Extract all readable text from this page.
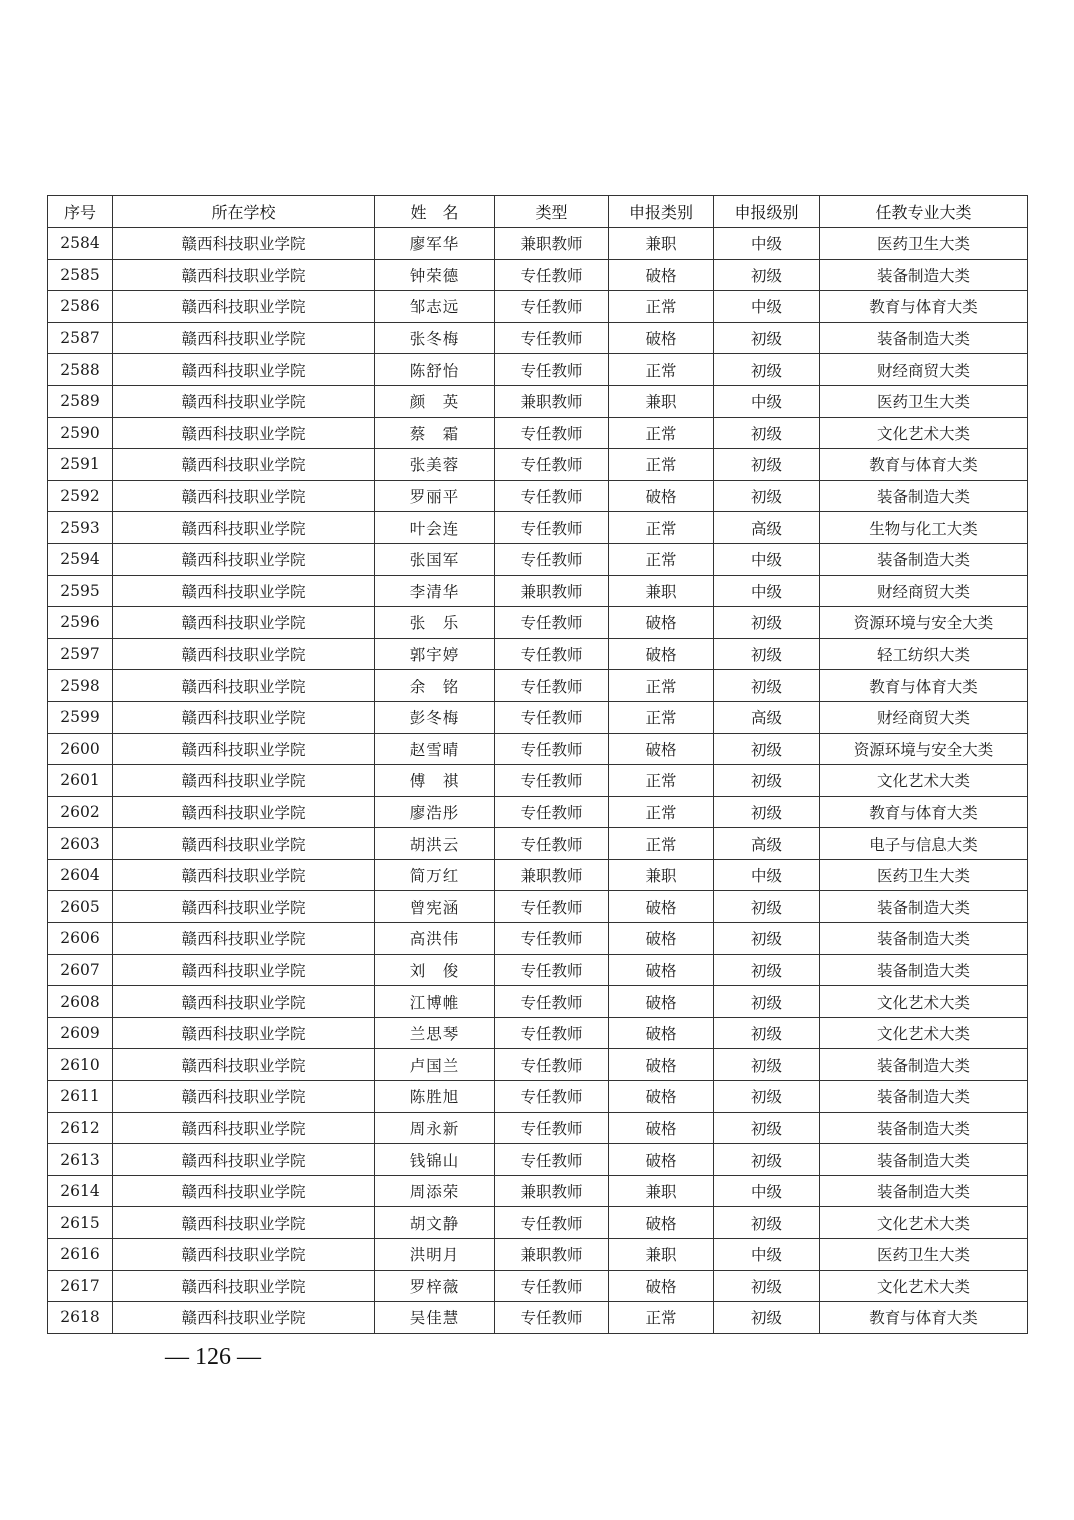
序号	所在学校	姓　名	类型	申报类别	申报级别	任教专业大类
2584	赣西科技职业学院	廖军华	兼职教师	兼职	中级	医药卫生大类
2585	赣西科技职业学院	钟荣德	专任教师	破格	初级	装备制造大类
2586	赣西科技职业学院	邹志远	专任教师	正常	中级	教育与体育大类
2587	赣西科技职业学院	张冬梅	专任教师	破格	初级	装备制造大类
2588	赣西科技职业学院	陈舒怡	专任教师	正常	初级	财经商贸大类
2589	赣西科技职业学院	颜　英	兼职教师	兼职	中级	医药卫生大类
2590	赣西科技职业学院	蔡　霜	专任教师	正常	初级	文化艺术大类
2591	赣西科技职业学院	张美蓉	专任教师	正常	初级	教育与体育大类
2592	赣西科技职业学院	罗丽平	专任教师	破格	初级	装备制造大类
2593	赣西科技职业学院	叶会连	专任教师	正常	高级	生物与化工大类
2594	赣西科技职业学院	张国军	专任教师	正常	中级	装备制造大类
2595	赣西科技职业学院	李清华	兼职教师	兼职	中级	财经商贸大类
2596	赣西科技职业学院	张　乐	专任教师	破格	初级	资源环境与安全大类
2597	赣西科技职业学院	郭宇婷	专任教师	破格	初级	轻工纺织大类
2598	赣西科技职业学院	余　铭	专任教师	正常	初级	教育与体育大类
2599	赣西科技职业学院	彭冬梅	专任教师	正常	高级	财经商贸大类
2600	赣西科技职业学院	赵雪晴	专任教师	破格	初级	资源环境与安全大类
2601	赣西科技职业学院	傅　祺	专任教师	正常	初级	文化艺术大类
2602	赣西科技职业学院	廖浩彤	专任教师	正常	初级	教育与体育大类
2603	赣西科技职业学院	胡洪云	专任教师	正常	高级	电子与信息大类
2604	赣西科技职业学院	简万红	兼职教师	兼职	中级	医药卫生大类
2605	赣西科技职业学院	曾宪涵	专任教师	破格	初级	装备制造大类
2606	赣西科技职业学院	高洪伟	专任教师	破格	初级	装备制造大类
2607	赣西科技职业学院	刘　俊	专任教师	破格	初级	装备制造大类
2608	赣西科技职业学院	江博帷	专任教师	破格	初级	文化艺术大类
2609	赣西科技职业学院	兰思琴	专任教师	破格	初级	文化艺术大类
2610	赣西科技职业学院	卢国兰	专任教师	破格	初级	装备制造大类
2611	赣西科技职业学院	陈胜旭	专任教师	破格	初级	装备制造大类
2612	赣西科技职业学院	周永新	专任教师	破格	初级	装备制造大类
2613	赣西科技职业学院	钱锦山	专任教师	破格	初级	装备制造大类
2614	赣西科技职业学院	周添荣	兼职教师	兼职	中级	装备制造大类
2615	赣西科技职业学院	胡文静	专任教师	破格	初级	文化艺术大类
2616	赣西科技职业学院	洪明月	兼职教师	兼职	中级	医药卫生大类
2617	赣西科技职业学院	罗梓薇	专任教师	破格	初级	文化艺术大类
2618	赣西科技职业学院	吴佳慧	专任教师	正常	初级	教育与体育大类
— 126 —
